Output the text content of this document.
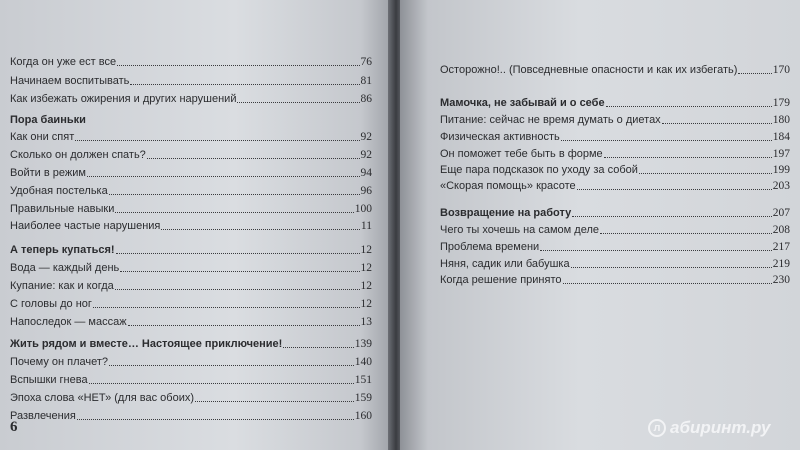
Когда он уже ест все	76
Начинаем воспитывать	81
Как избежать ожирения и других нарушений	86
Пора баиньки
Как они спят	92
Сколько он должен спать?	92
Войти в режим	94
Удобная постелька	96
Правильные навыки	100
Наиболее частые нарушения	11
А теперь купаться!	12
Вода — каждый день	12
Купание: как и когда	12
С головы до ног	12
Напоследок — массаж	13
Жить рядом и вместе… Настоящее приключение!	139
Почему он плачет?	140
Вспышки гнева	151
Эпоха слова «НЕТ» (для вас обоих)	159
Развлечения	160
6
Осторожно!.. (Повседневные опасности и как их избегать)	170
Мамочка, не забывай и о себе	179
Питание: сейчас не время думать о диетах	180
Физическая активность	184
Он поможет тебе быть в форме	197
Еще пара подсказок по уходу за собой	199
«Скорая помощь» красоте	203
Возвращение на работу	207
Чего ты хочешь на самом деле	208
Проблема времени	217
Няня, садик или бабушка	219
Когда решение принято	230
л абиринт.ру
